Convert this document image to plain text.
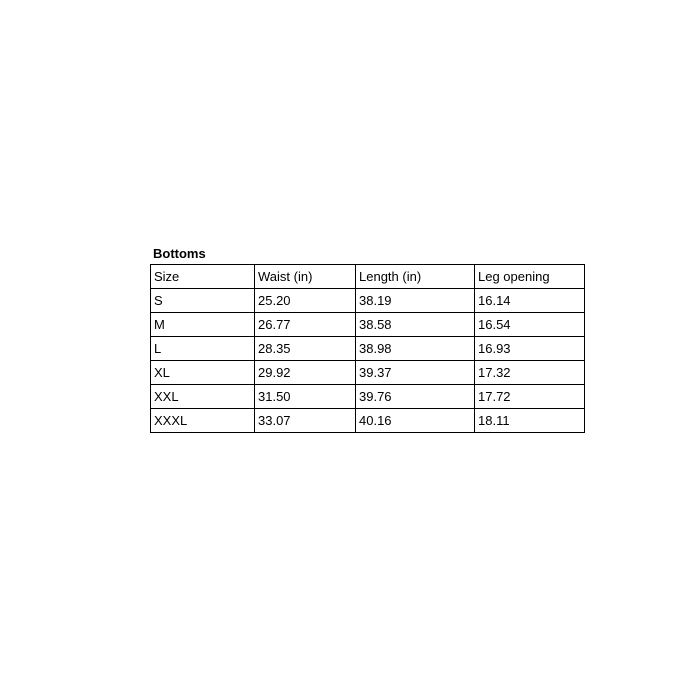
Bottoms
Size	Waist (in)	Length (in)	Leg opening
S	25.20	38.19	16.14
M	26.77	38.58	16.54
L	28.35	38.98	16.93
XL	29.92	39.37	17.32
XXL	31.50	39.76	17.72
XXXL	33.07	40.16	18.11
